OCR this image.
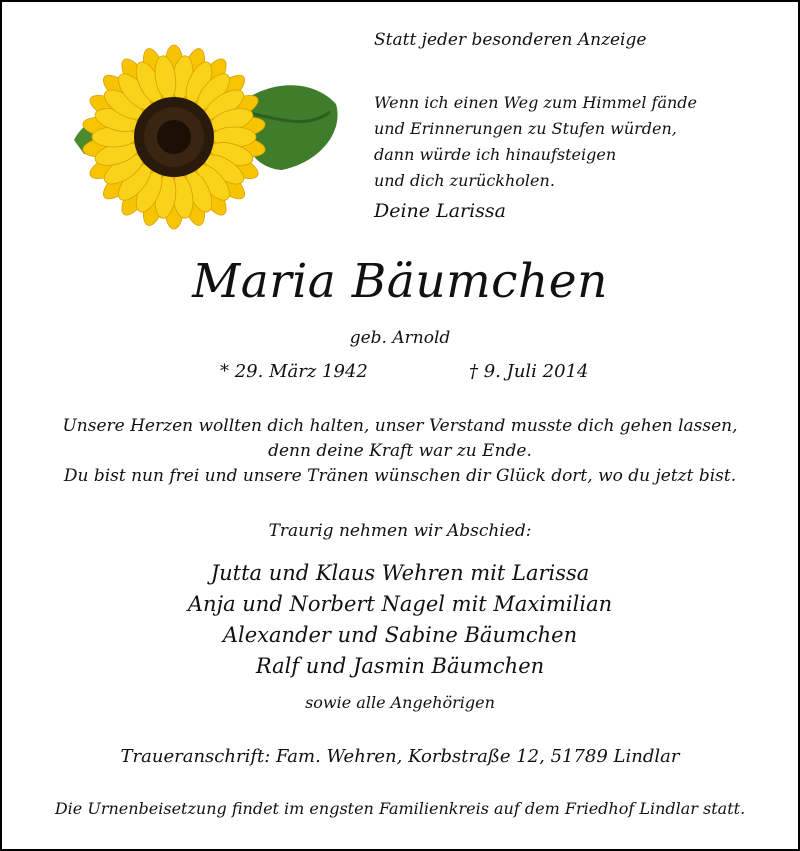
Statt jeder besonderen Anzeige
Wenn ich einen Weg zum Himmel fände
und Erinnerungen zu Stufen würden,
dann würde ich hinaufsteigen
und dich zurückholen.
Deine Larissa
Maria Bäumchen
geb. Arnold
* 29. März 1942	† 9. Juli 2014
Unsere Herzen wollten dich halten, unser Verstand musste dich gehen lassen,
denn deine Kraft war zu Ende.
Du bist nun frei und unsere Tränen wünschen dir Glück dort, wo du jetzt bist.
Traurig nehmen wir Abschied:
Jutta und Klaus Wehren mit Larissa
Anja und Norbert Nagel mit Maximilian
Alexander und Sabine Bäumchen
Ralf und Jasmin Bäumchen
sowie alle Angehörigen
Traueranschrift: Fam. Wehren, Korbstraße 12, 51789 Lindlar
Die Urnenbeisetzung findet im engsten Familienkreis auf dem Friedhof Lindlar statt.
